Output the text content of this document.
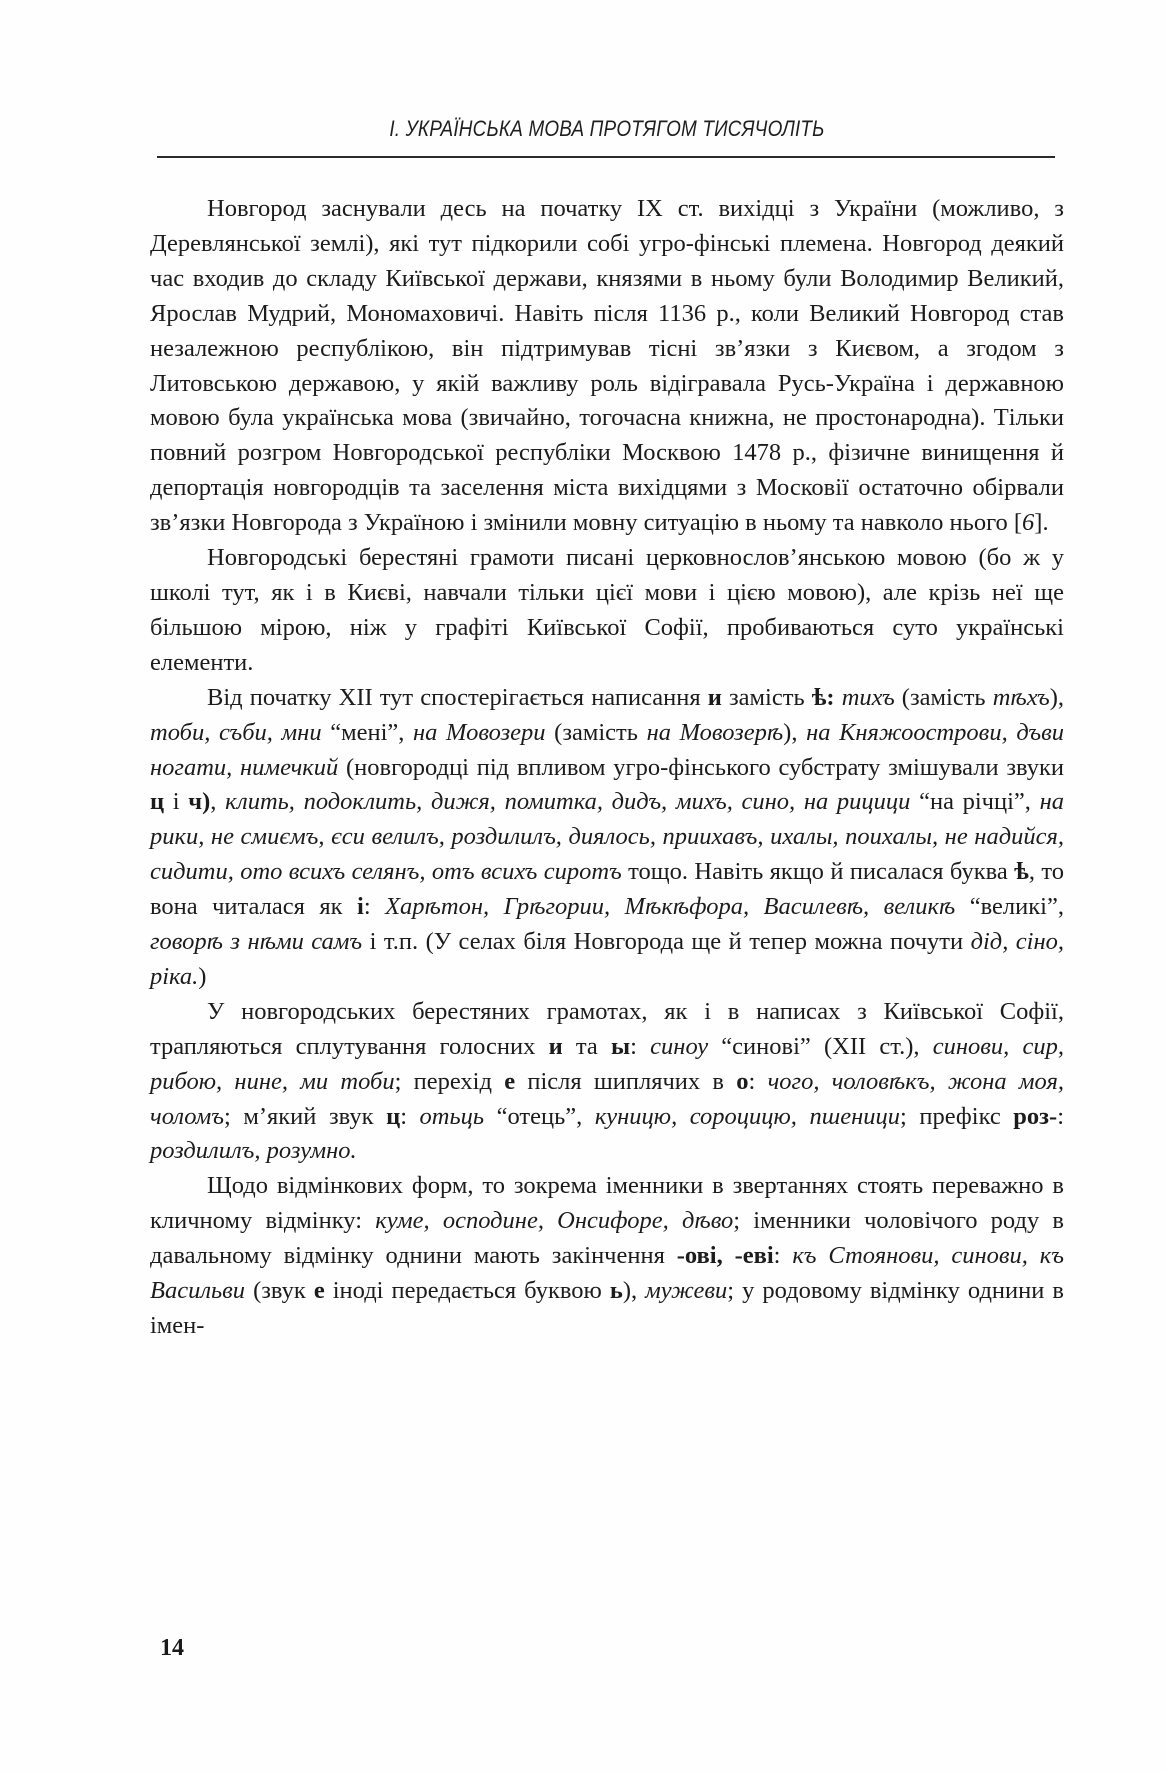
І. УКРАЇНСЬКА МОВА ПРОТЯГОМ ТИСЯЧОЛІТЬ

Новгород заснували десь на початку IX ст. вихідці з України (можливо, з Деревлянської землі), які тут підкорили собі угро-фінські племена. Новгород деякий час входив до складу Київської держави, князями в ньому були Володимир Великий, Ярослав Мудрий, Мономаховичі. Навіть після 1136 р., коли Великий Новгород став незалежною республікою, він підтримував тісні зв’язки з Києвом, а згодом з Литовською державою, у якій важливу роль відігравала Русь-Україна і державною мовою була українська мова (звичайно, тогочасна книжна, не простонародна). Тільки повний розгром Новгородської республіки Москвою 1478 р., фізичне винищення й депортація новгородців та заселення міста вихідцями з Московії остаточно обірвали зв’язки Новгорода з Україною і змінили мовну ситуацію в ньому та навколо нього [6].

Новгородські берестяні грамоти писані церковнослов’янською мовою (бо ж у школі тут, як і в Києві, навчали тільки цієї мови і цією мовою), але крізь неї ще більшою мірою, ніж у графіті Київської Софії, пробиваються суто українські елементи.

Від початку XII тут спостерігається написання и замість ѣ: тихъ (замість тѣхъ), тоби, съби, мни “мені”, на Мовозери (замість на Мовозерѣ), на Княжоострови, дъви ногати, нимечкий (новгородці під впливом угро-фінського субстрату змішували звуки ц і ч), клить, подоклить, дижя, помитка, дидъ, михъ, сино, на рицици “на річці”, на рики, не смиємъ, єси велилъ, роздилилъ, диялось, приихавъ, ихалы, поихалы, не надийся, сидити, ото всихъ селянъ, отъ всихъ сиротъ тощо. Навіть якщо й писалася буква ѣ, то вона читалася як і: Харѣтон, Грѣгории, Мѣкѣфора, Василевѣ, великѣ “великі”, говорѣ з нѣми самъ і т.п. (У селах біля Новгорода ще й тепер можна почути дід, сіно, ріка.)

У новгородських берестяних грамотах, як і в написах з Київської Софії, трапляються сплутування голосних и та ы: синоу “синові” (XII ст.), синови, сир, рибою, нине, ми тоби; перехід е після шиплячих в о: чого, чоловѣкъ, жона моя, чоломъ; м’який звук ц: отьць “отець”, куницю, сороцицю, пшеници; префікс роз-: роздилилъ, розумно.

Щодо відмінкових форм, то зокрема іменники в звертаннях стоять переважно в кличному відмінку: куме, осподине, Онсифоре, дѣво; іменники чоловічого роду в давальному відмінку однини мають закінчення -ові, -еві: къ Стоянови, синови, къ Васильви (звук е іноді передається буквою ь), мужеви; у родовому відмінку однини в імен-

14
